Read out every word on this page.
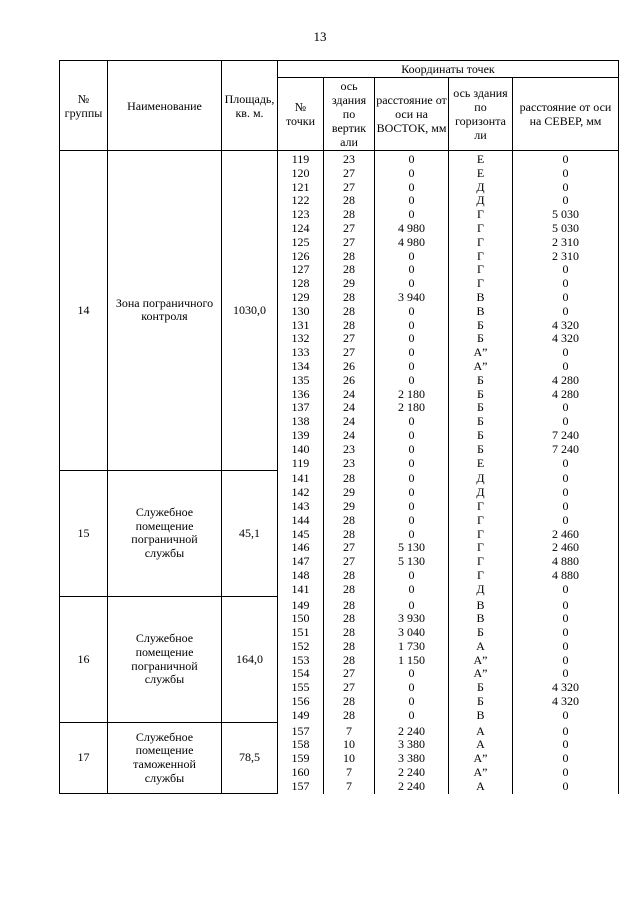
13
№ группы	Наименование	Площадь, кв. м.	Координаты точек				
			№ точки	ось здания по вертик али	расстояние от оси на ВОСТОК, мм	ось здания по горизонта ли	расстояние от оси на СЕВЕР, мм
14	Зона пограничного контроля	1030,0	119	23	0	Е	0
			120	27	0	Е	0
			121	27	0	Д	0
			122	28	0	Д	0
			123	28	0	Г	5 030
			124	27	4 980	Г	5 030
			125	27	4 980	Г	2 310
			126	28	0	Г	2 310
			127	28	0	Г	0
			128	29	0	Г	0
			129	28	3 940	В	0
			130	28	0	В	0
			131	28	0	Б	4 320
			132	27	0	Б	4 320
			133	27	0	А”	0
			134	26	0	А”	0
			135	26	0	Б	4 280
			136	24	2 180	Б	4 280
			137	24	2 180	Б	0
			138	24	0	Б	0
			139	24	0	Б	7 240
			140	23	0	Б	7 240
			119	23	0	Е	0
15	Служебное помещение пограничной службы	45,1	141	28	0	Д	0
			142	29	0	Д	0
			143	29	0	Г	0
			144	28	0	Г	0
			145	28	0	Г	2 460
			146	27	5 130	Г	2 460
			147	27	5 130	Г	4 880
			148	28	0	Г	4 880
			141	28	0	Д	0
16	Служебное помещение пограничной службы	164,0	149	28	0	В	0
			150	28	3 930	В	0
			151	28	3 040	Б	0
			152	28	1 730	А	0
			153	28	1 150	А”	0
			154	27	0	А”	0
			155	27	0	Б	4 320
			156	28	0	Б	4 320
			149	28	0	В	0
17	Служебное помещение таможенной службы	78,5	157	7	2 240	А	0
			158	10	3 380	А	0
			159	10	3 380	А”	0
			160	7	2 240	А”	0
			157	7	2 240	А	0
